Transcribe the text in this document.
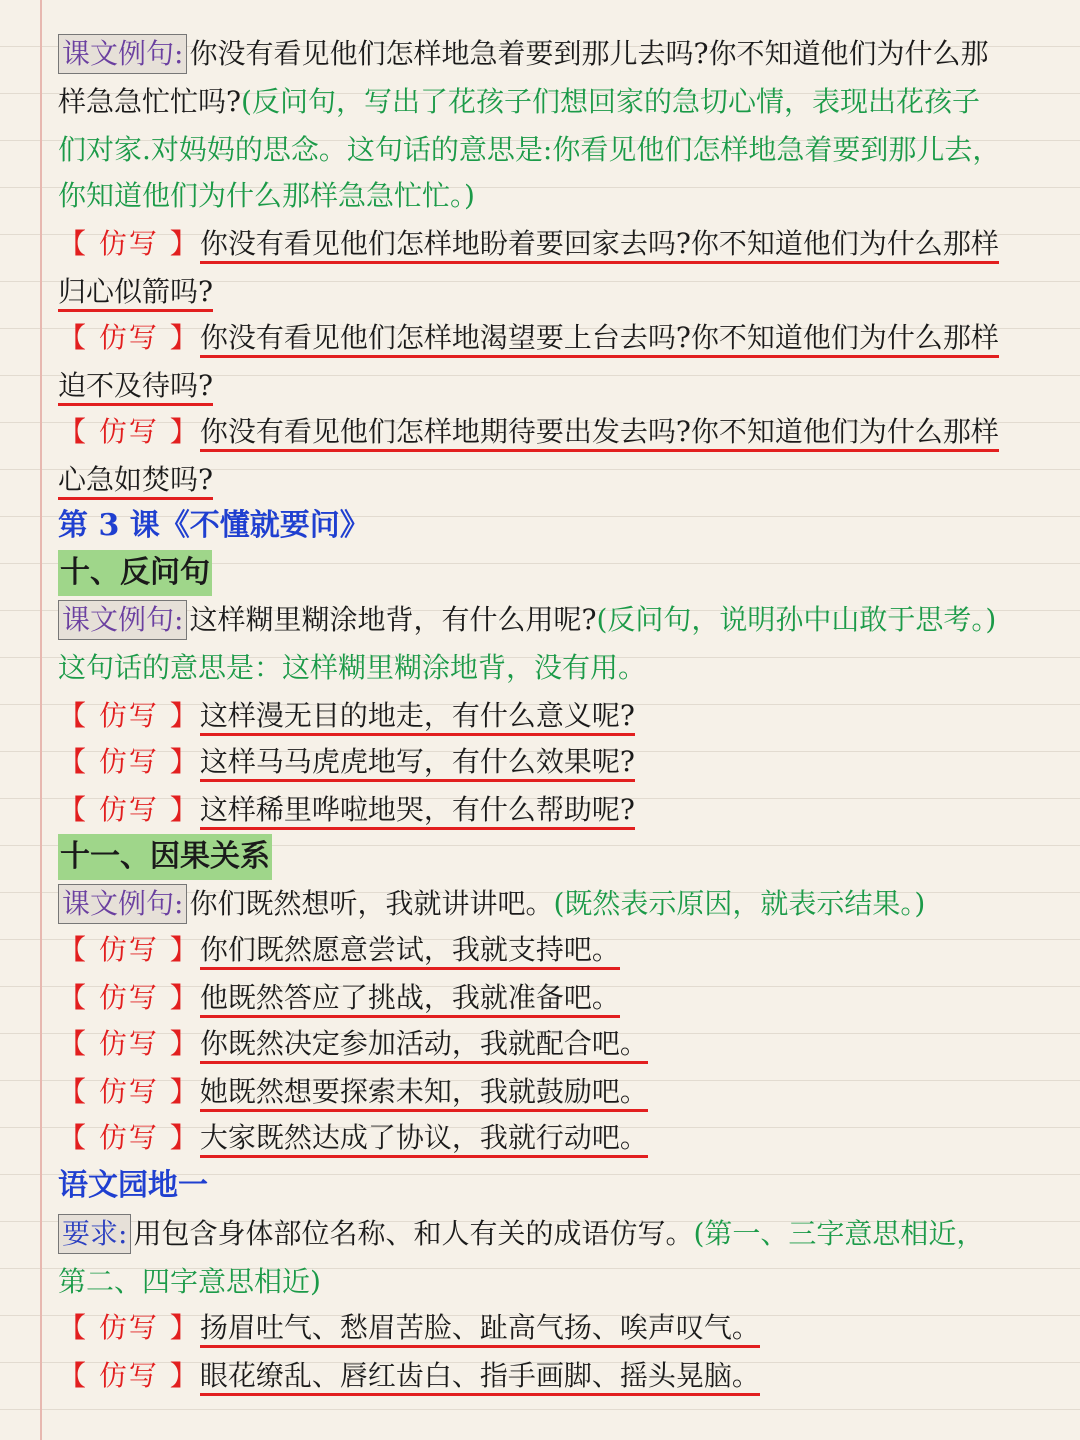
课文例句: 你没有看见他们怎样地急着要到那儿去吗?你不知道他们为什么那
样急急忙忙吗?(反问句，写出了花孩子们想回家的急切心情，表现出花孩子
们对家.对妈妈的思念。这句话的意思是:你看见他们怎样地急着要到那儿去，
你知道他们为什么那样急急忙忙。)
【 仿写 】你没有看见他们怎样地盼着要回家去吗?你不知道他们为什么那样
归心似箭吗?
【 仿写 】你没有看见他们怎样地渴望要上台去吗?你不知道他们为什么那样
迫不及待吗?
【 仿写 】你没有看见他们怎样地期待要出发去吗?你不知道他们为什么那样
心急如焚吗?
第 3 课《不懂就要问》
十、反问句
课文例句: 这样糊里糊涂地背，有什么用呢?(反问句，说明孙中山敢于思考。)
这句话的意思是：这样糊里糊涂地背，没有用。
【 仿写 】这样漫无目的地走，有什么意义呢?
【 仿写 】这样马马虎虎地写，有什么效果呢?
【 仿写 】这样稀里哗啦地哭，有什么帮助呢?
十一、因果关系
课文例句: 你们既然想听，我就讲讲吧。(既然表示原因，就表示结果。)
【 仿写 】你们既然愿意尝试，我就支持吧。
【 仿写 】他既然答应了挑战，我就准备吧。
【 仿写 】你既然决定参加活动，我就配合吧。
【 仿写 】她既然想要探索未知，我就鼓励吧。
【 仿写 】大家既然达成了协议，我就行动吧。
语文园地一
要求: 用包含身体部位名称、和人有关的成语仿写。(第一、三字意思相近，
第二、四字意思相近)
【 仿写 】扬眉吐气、愁眉苦脸、趾高气扬、唉声叹气。
【 仿写 】眼花缭乱、唇红齿白、指手画脚、摇头晃脑。
